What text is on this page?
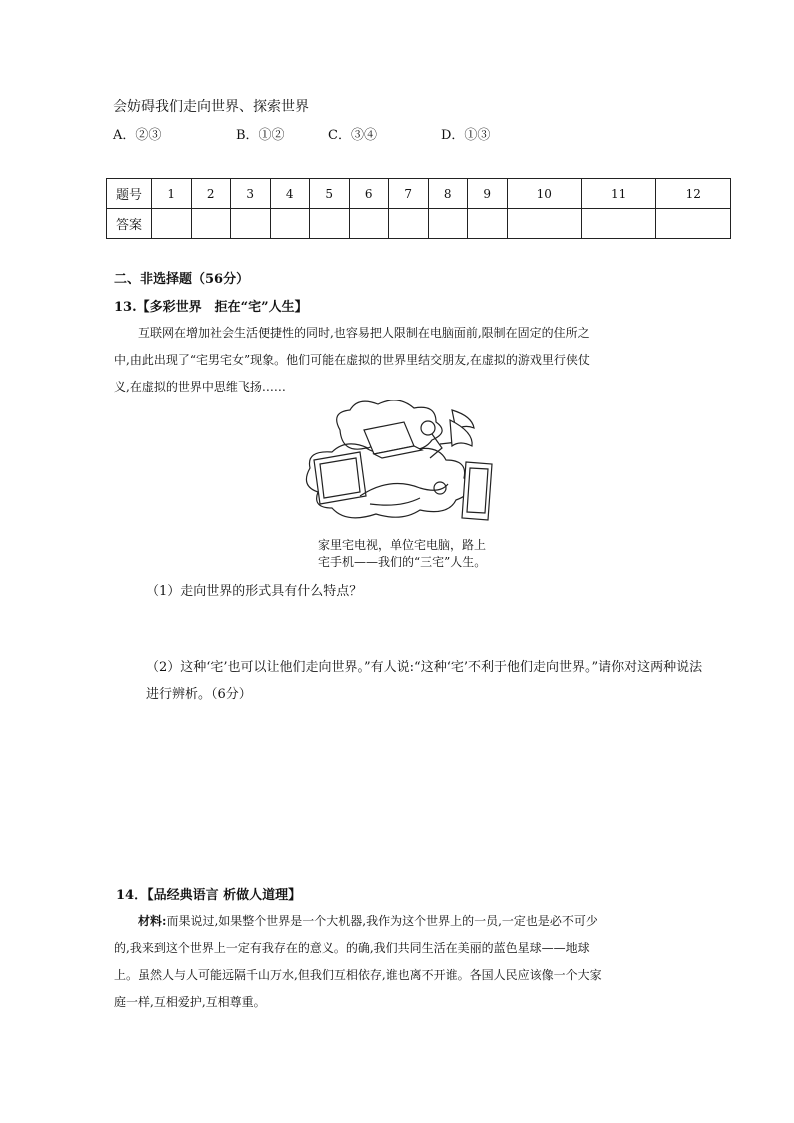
会妨碍我们走向世界、探索世界
A．②③	B．①②	C．③④	D．①③
题号	1	2	3	4	5	6	7	8	9	10	11	12
答案												
二、非选择题（56分）
13.【多彩世界　拒在“宅”人生】
互联网在增加社会生活便捷性的同时,也容易把人限制在电脑面前,限制在固定的住所之
中,由此出现了“宅男宅女”现象。他们可能在虚拟的世界里结交朋友,在虚拟的游戏里行侠仗
义,在虚拟的世界中思维飞扬……
家里宅电视，单位宅电脑，路上
宅手机——我们的“三宅”人生。
（1）走向世界的形式具有什么特点？
（2）这种‘宅’也可以让他们走向世界。”有人说:“这种‘宅’不利于他们走向世界。”请你对这两种说法进行辨析。（6分）
14．【品经典语言 析做人道理】
材料:而果说过,如果整个世界是一个大机器,我作为这个世界上的一员,一定也是必不可少
的,我来到这个世界上一定有我存在的意义。的确,我们共同生活在美丽的蓝色星球——地球
上。虽然人与人可能远隔千山万水,但我们互相依存,谁也离不开谁。各国人民应该像一个大家
庭一样,互相爱护,互相尊重。
